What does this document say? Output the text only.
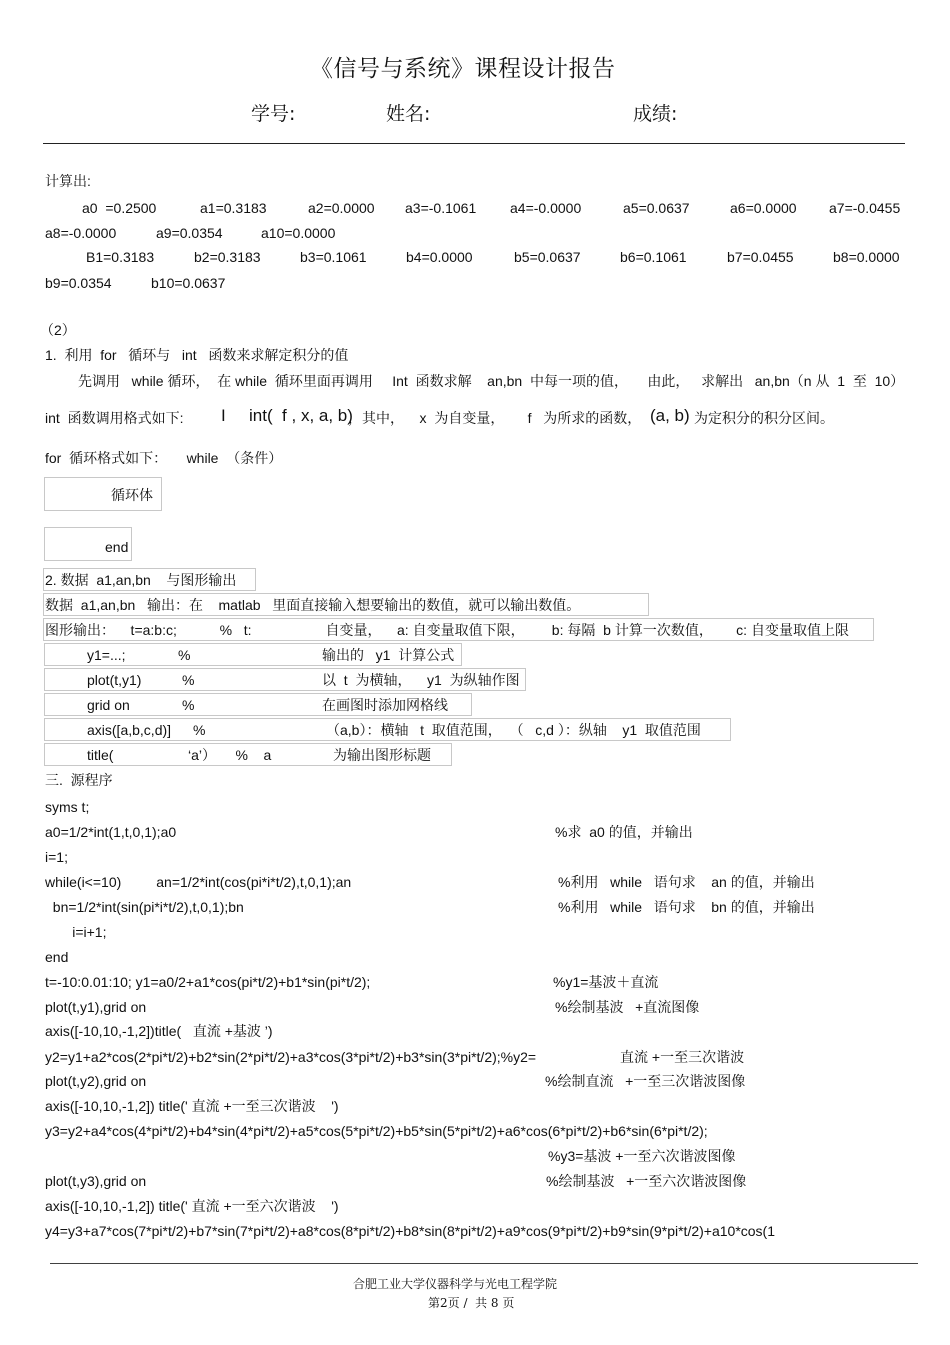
《信号与系统》课程设计报告
学号:	姓名:	成绩:
计算出:
a0  =0.2500	a1=0.3183	a2=0.0000 a3=-0.1061 a4=-0.0000	a5=0.0637	a6=0.0000 a7=-0.0455
a8=-0.0000	a9=0.0354	a10=0.0000
B1=0.3183	b2=0.3183	b3=0.1061	b4=0.0000	b5=0.0637	b6=0.1061	b7=0.0455	b8=0.0000
b9=0.0354	b10=0.0637
（2）
1.  利用  for   循环与   int   函数来求解定积分的值
先调用   while 循环，  在 while  循环里面再调用     Int  函数求解    an,bn  中每一项的值，     由此，   求解出   an,bn（n 从  1  至  10）
int  函数调用格式如下: I int(  f , x, a, b)
，其中，    x  为自变量，      f   为所求的函数， (a, b) 为定积分的积分区间。
for  循环格式如下：     while  （条件）
循环体
end
2. 数据  a1,an,bn    与图形输出
数据  a1,an,bn   输出：在    matlab   里面直接输入想要输出的数值，就可以输出数值。
图形输出：    t=a:b:c;           %   t:                   自变量，    a: 自变量取值下限，       b: 每隔  b 计算一次数值，      c: 自变量取值上限
y1=...;	%	输出的   y1  计算公式
plot(t,y1)	%	以  t  为横轴，    y1  为纵轴作图
grid on	%	在画图时添加网格线
axis([a,b,c,d)] %	（a,b）：横轴   t  取值范围，  （   c,d ）：纵轴    y1  取值范围
title(	‘a’）     %    a	为输出图形标题
三.  源程序
syms t;
a0=1/2*int(1,t,0,1);a0	%求  a0 的值，并输出
i=1;
while(i<=10)         an=1/2*int(cos(pi*i*t/2),t,0,1);an	%利用   while   语句求    an 的值，并输出
bn=1/2*int(sin(pi*i*t/2),t,0,1);bn	%利用   while   语句求    bn 的值，并输出
i=i+1;
end
t=-10:0.01:10; y1=a0/2+a1*cos(pi*t/2)+b1*sin(pi*t/2);	%y1=基波＋直流
plot(t,y1),grid on	%绘制基波   +直流图像
axis([-10,10,-1,2])title(   直流 +基波 ’)
y2=y1+a2*cos(2*pi*t/2)+b2*sin(2*pi*t/2)+a3*cos(3*pi*t/2)+b3*sin(3*pi*t/2);%y2=	直流 +一至三次谐波
plot(t,y2),grid on	%绘制直流   +一至三次谐波图像
axis([-10,10,-1,2]) title(' 直流 +一至三次谐波    ')
y3=y2+a4*cos(4*pi*t/2)+b4*sin(4*pi*t/2)+a5*cos(5*pi*t/2)+b5*sin(5*pi*t/2)+a6*cos(6*pi*t/2)+b6*sin(6*pi*t/2);
%y3=基波 +一至六次谐波图像
plot(t,y3),grid on	%绘制基波   +一至六次谐波图像
axis([-10,10,-1,2]) title(' 直流 +一至六次谐波    ')
y4=y3+a7*cos(7*pi*t/2)+b7*sin(7*pi*t/2)+a8*cos(8*pi*t/2)+b8*sin(8*pi*t/2)+a9*cos(9*pi*t/2)+b9*sin(9*pi*t/2)+a10*cos(1
——————————————————————————————————————————————————————————————
合肥工业大学仪器科学与光电工程学院
第2页 /  共 8 页
